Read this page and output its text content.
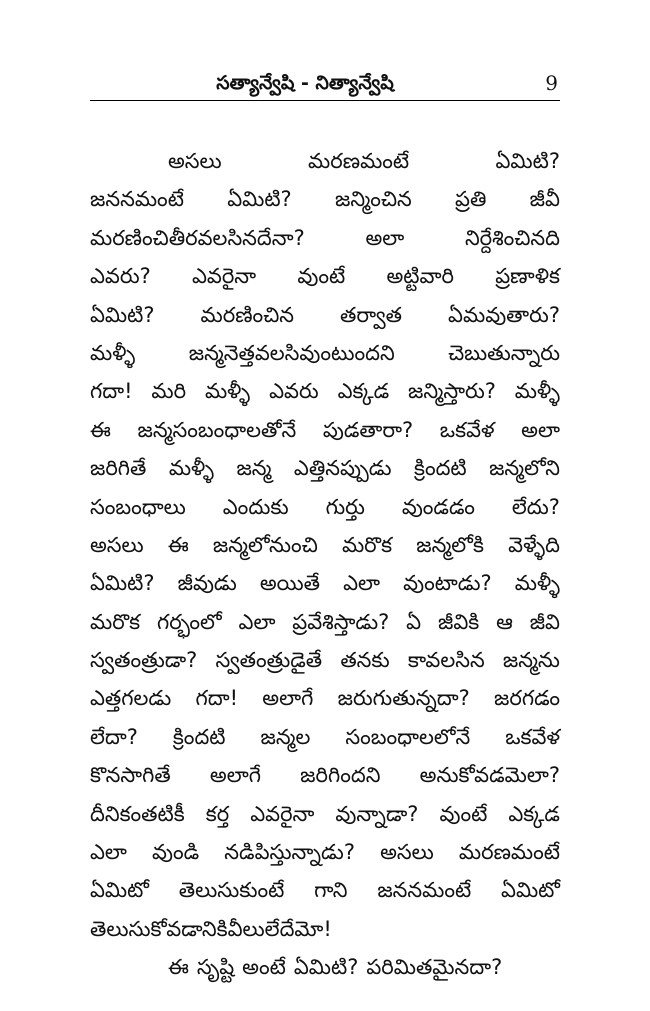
సత్యాన్వేషి - నిత్యాన్వేషి	9
అసలు	మరణమంటే	ఏమిటి?
జననమంటే ఏమిటి? జన్మించిన ప్రతి జీవీ
మరణించితీరవలసినదేనా?	అలా	నిర్దేశించినది
ఎవరు? ఎవరైనా వుంటే అట్టివారి ప్రణాళిక
ఏమిటి? మరణించిన తర్వాత ఏమవుతారు?
మళ్ళీ	జన్మనెత్తవలసివుంటుందని	చెబుతున్నారు
గదా! మరి మళ్ళీ ఎవరు ఎక్కడ జన్మిస్తారు? మళ్ళీ
ఈ జన్మసంబంధాలతోనే పుడతారా? ఒకవేళ అలా
జరిగితే మళ్ళీ జన్మ ఎత్తినప్పుడు క్రిందటి జన్మలోని
సంబంధాలు ఎందుకు గుర్తు వుండడం లేదు?
అసలు ఈ జన్మలోనుంచి మరొక జన్మలోకి వెళ్ళేది
ఏమిటి? జీవుడు అయితే ఎలా వుంటాడు? మళ్ళీ
మరొక గర్భంలో ఎలా ప్రవేశిస్తాడు? ఏ జీవికి ఆ జీవి
స్వతంత్రుడా? స్వతంత్రుడైతే తనకు కావలసిన జన్మను
ఎత్తగలడు గదా! అలాగే జరుగుతున్నదా? జరగడం
లేదా? క్రిందటి జన్మల సంబంధాలలోనే ఒకవేళ
కొనసాగితే అలాగే జరిగిందని అనుకోవడమెలా?
దీనికంతటికీ కర్త ఎవరైనా వున్నాడా? వుంటే ఎక్కడ
ఎలా వుండి నడిపిస్తున్నాడు? అసలు మరణమంటే
ఏమిటో తెలుసుకుంటే గాని జననమంటే ఏమిటో
తెలుసుకోవడానికి వీలులేదేమో!
ఈ సృష్టి అంటే ఏమిటి? పరిమితమైనదా?
